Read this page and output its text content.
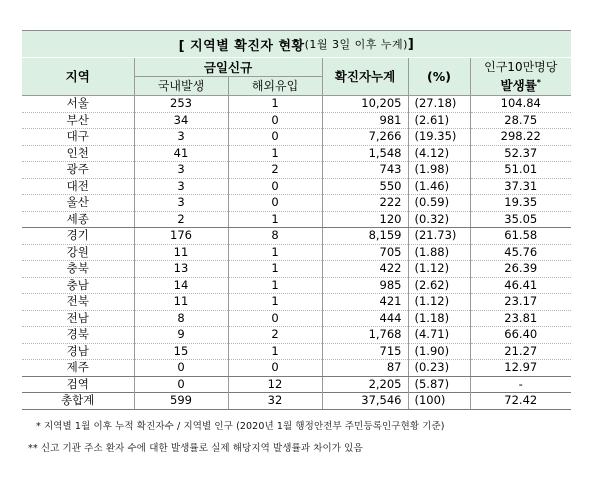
[ 지역별 확진자 현황 (1월 3일 이후 누계) ]
지역	금일신규		확진자누계	(%)	인구10만명당
발생률*

	국내발생	해외유입			
서울	253	1	10,205	(27.18)	104.84
부산	34	0	981	(2.61)	28.75
대구	3	0	7,266	(19.35)	298.22
인천	41	1	1,548	(4.12)	52.37
광주	3	2	743	(1.98)	51.01
대전	3	0	550	(1.46)	37.31
울산	3	0	222	(0.59)	19.35
세종	2	1	120	(0.32)	35.05
경기	176	8	8,159	(21.73)	61.58
강원	11	1	705	(1.88)	45.76
충북	13	1	422	(1.12)	26.39
충남	14	1	985	(2.62)	46.41
전북	11	1	421	(1.12)	23.17
전남	8	0	444	(1.18)	23.81
경북	9	2	1,768	(4.71)	66.40
경남	15	1	715	(1.90)	21.27
제주	0	0	87	(0.23)	12.97
검역	0	12	2,205	(5.87)	-
총합계	599	32	37,546	(100)	72.42
* 지역별 1월 이후 누적 확진자수 / 지역별 인구 (2020년 1월 행정안전부 주민등록인구현황 기준)
** 신고 기관 주소 환자 수에 대한 발생률로 실제 해당지역 발생률과 차이가 있음
